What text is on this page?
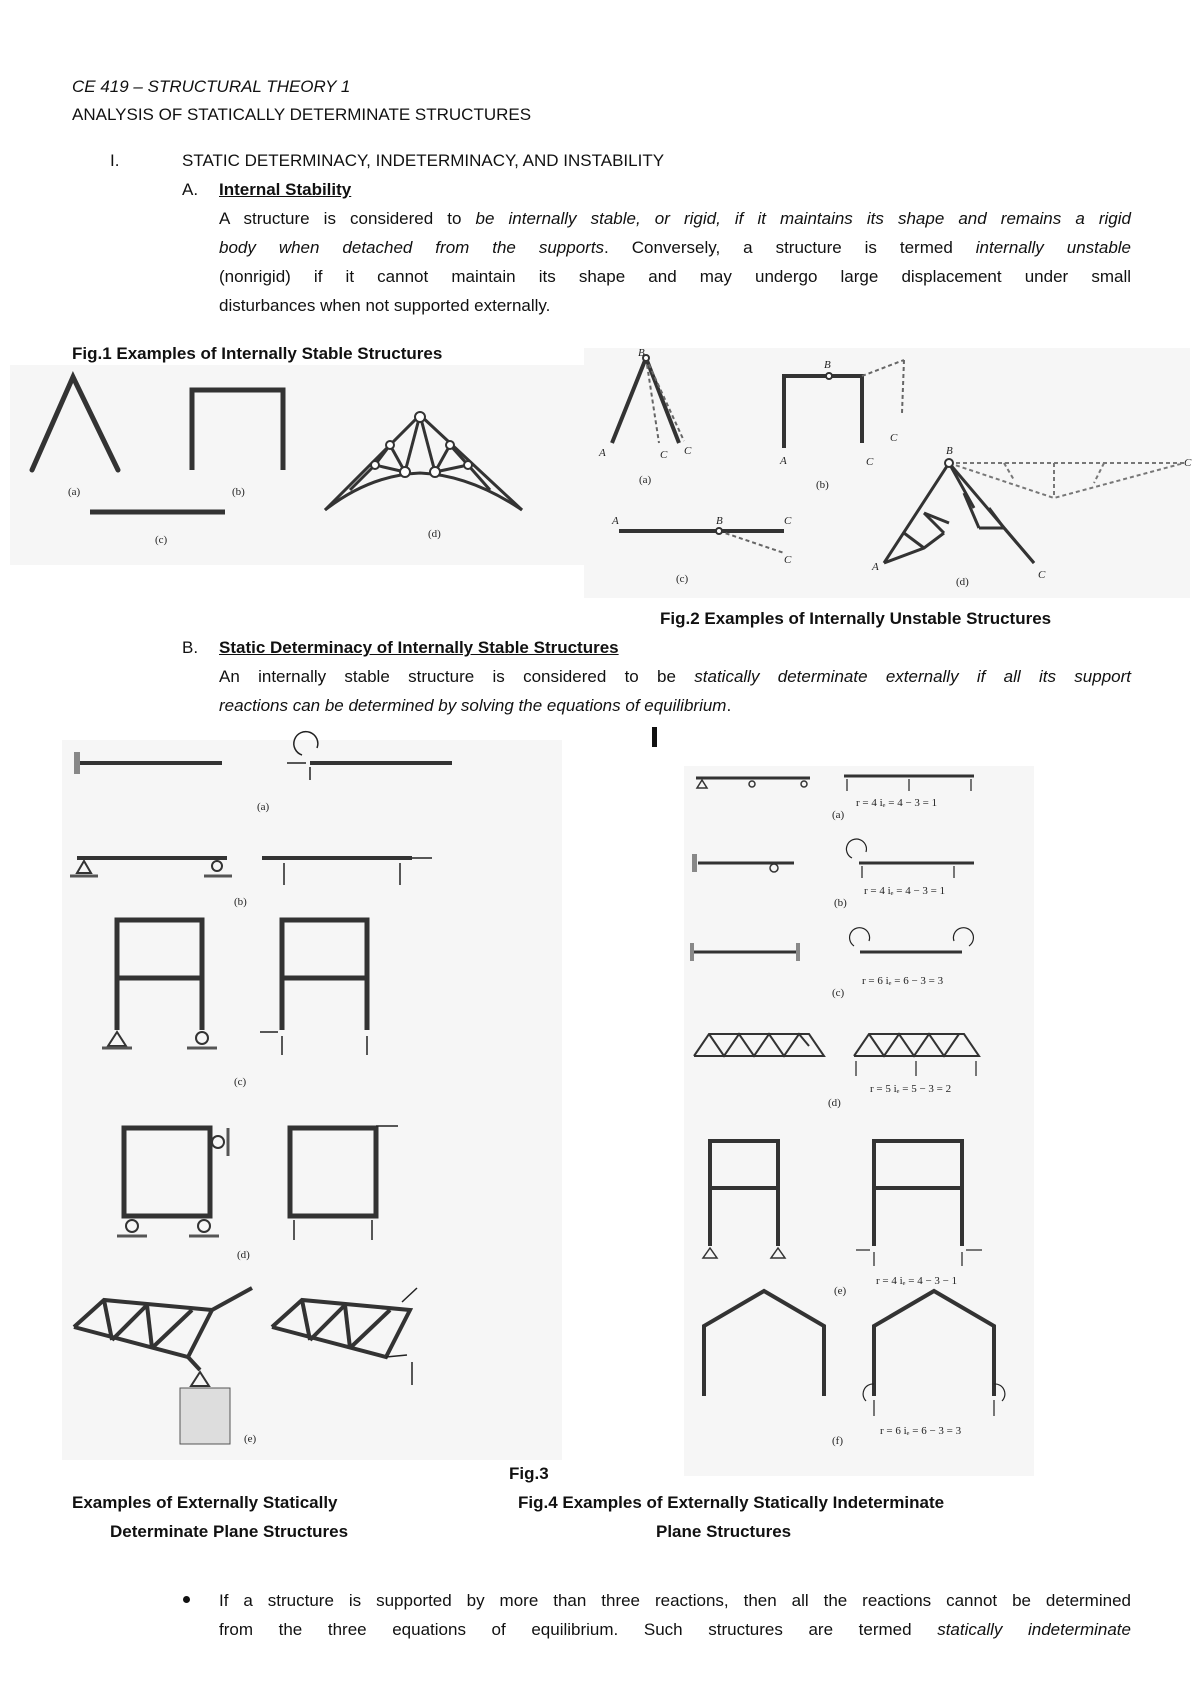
CE 419 – STRUCTURAL THEORY 1
ANALYSIS OF STATICALLY DETERMINATE STRUCTURES
I.	STATIC DETERMINACY, INDETERMINACY, AND INSTABILITY
A. Internal Stability
A structure is considered to be internally stable, or rigid, if it maintains its shape and remains a rigid
body when detached from the supports. Conversely, a structure is termed internally unstable
(nonrigid) if it cannot maintain its shape and may undergo large displacement under small
disturbances when not supported externally.
Fig.1 Examples of Internally Stable Structures
(a)	(b)
(c)	(d)
A
B
C C
(a)
B
A	C
C
(b)
A	B	C
C
(c)
B
A
C
C
(d)
Fig.2 Examples of Internally Unstable Structures
B. Static Determinacy of Internally Stable Structures
An internally stable structure is considered to be statically determinate externally if all its support
reactions can be determined by solving the equations of equilibrium.
(a)
(b)
(c)
(d)
(e)
r = 4 iₑ = 4 − 3 = 1
(a)
r = 4 iₑ = 4 − 3 = 1
(b)
r = 6 iₑ = 6 − 3 = 3
(c)
r = 5 iₑ = 5 − 3 = 2
(d)
r = 4 iₑ = 4 − 3 − 1
(e)
r = 6 iₑ = 6 − 3 = 3
(f)
Fig.3
Examples of Externally Statically
Determinate Plane Structures
Fig.4 Examples of Externally Statically Indeterminate
Plane Structures
If a structure is supported by more than three reactions, then all the reactions cannot be determined
from the three equations of equilibrium. Such structures are termed statically indeterminate
